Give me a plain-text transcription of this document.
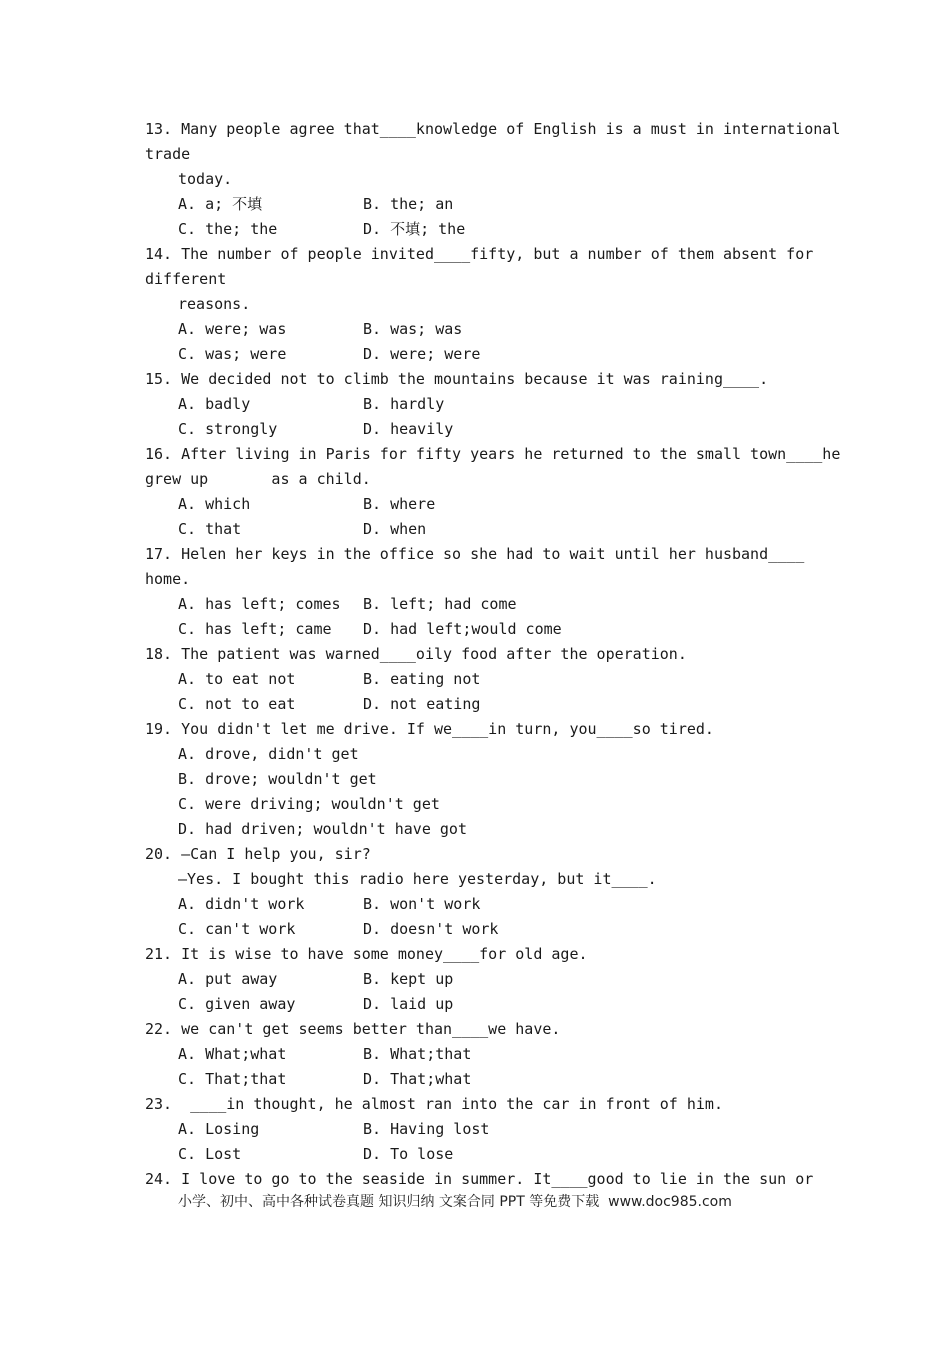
13. Many people agree that____knowledge of English is a must in international
trade
today.
A. a; 不填	B. the; an
C. the; the	D. 不填; the
14. The number of people invited____fifty, but a number of them absent for
different
reasons.
A. were; was	B. was; was
C. was; were	D. were; were
15. We decided not to climb the mountains because it was raining____.
A. badly	B. hardly
C. strongly	D. heavily
16. After living in Paris for fifty years he returned to the small town____he
grew up       as a child.
A. which	B. where
C. that	D. when
17. Helen her keys in the office so she had to wait until her husband____
home.
A. has left; comes	B. left; had come
C. has left; came	D. had left;would come
18. The patient was warned____oily food after the operation.
A. to eat not	B. eating not
C. not to eat	D. not eating
19. You didn't let me drive. If we____in turn, you____so tired.
A. drove, didn't get
B. drove; wouldn't get
C. were driving; wouldn't get
D. had driven; wouldn't have got
20. —Can I help you, sir?
—Yes. I bought this radio here yesterday, but it____.
A. didn't work	B. won't work
C. can't work	D. doesn't work
21. It is wise to have some money____for old age.
A. put away	B. kept up
C. given away	D. laid up
22. we can't get seems better than____we have.
A. What;what	B. What;that
C. That;that	D. That;what
23.  ____in thought, he almost ran into the car in front of him.
A. Losing	B. Having lost
C. Lost	D. To lose
24. I love to go to the seaside in summer. It____good to lie in the sun or
小学、初中、高中各种试卷真题 知识归纳 文案合同 PPT 等免费下载  www.doc985.com
